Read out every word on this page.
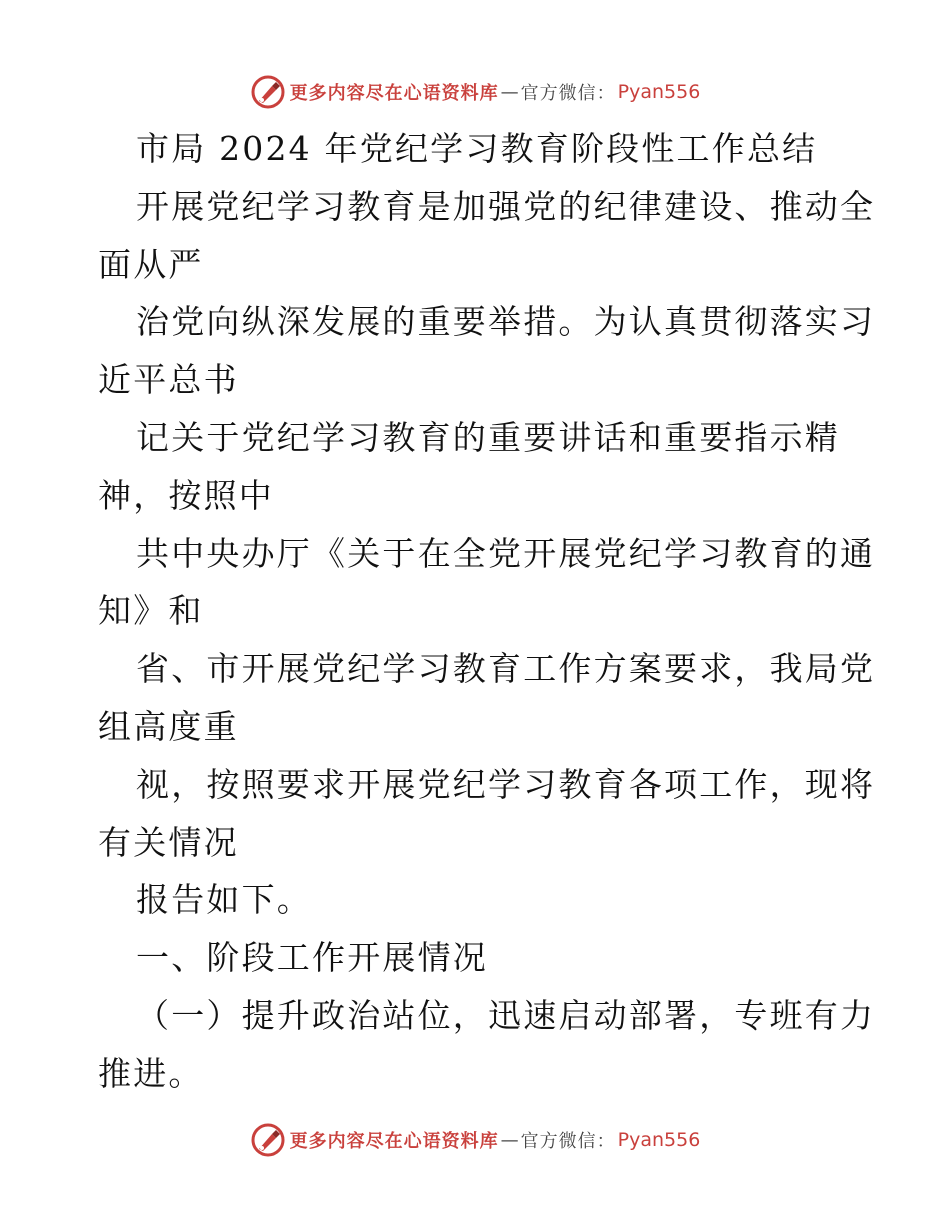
更多内容尽在心语资料库 — 官方微信： Pyan556
市局 2024 年党纪学习教育阶段性工作总结
开展党纪学习教育是加强党的纪律建设、推动全
面从严
治党向纵深发展的重要举措。为认真贯彻落实习
近平总书
记关于党纪学习教育的重要讲话和重要指示精
神，按照中
共中央办厅《关于在全党开展党纪学习教育的通
知》和
省、市开展党纪学习教育工作方案要求，我局党
组高度重
视，按照要求开展党纪学习教育各项工作，现将
有关情况
报告如下。
一、阶段工作开展情况
（一）提升政治站位，迅速启动部署，专班有力
推进。
更多内容尽在心语资料库 — 官方微信： Pyan556
